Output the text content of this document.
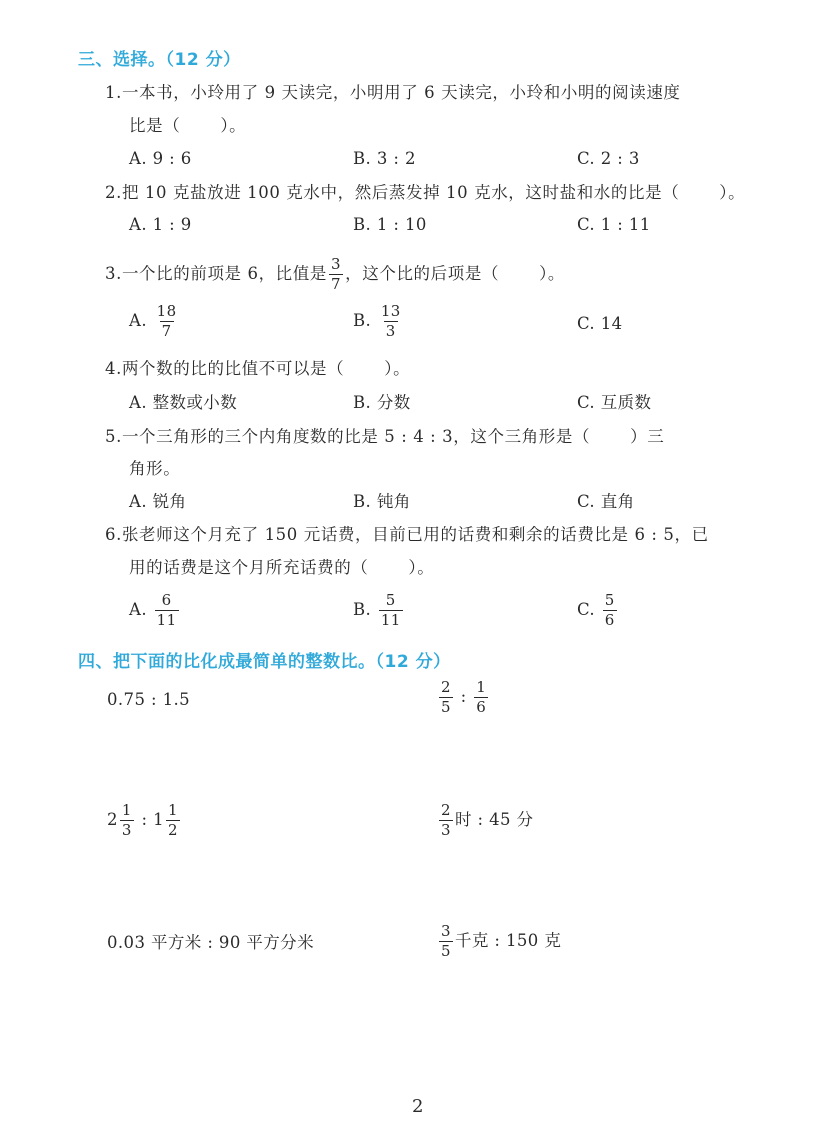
三、选择。（12 分）
1.一本书，小玲用了 9 天读完，小明用了 6 天读完，小玲和小明的阅读速度
比是（ ）。
A. 9 : 6	B. 3 : 2	C. 2 : 3
2.把 10 克盐放进 100 克水中，然后蒸发掉 10 克水，这时盐和水的比是（ ）。
A. 1 : 9	B. 1 : 10	C. 1 : 11
3.一个比的前项是 6，比值是 $\frac{3}{7}$ ，这个比的后项是（ ）。
A. $\frac{18}{7}$	B. $\frac{13}{3}$	C. 14
4.两个数的比的比值不可以是（ ）。
A. 整数或小数	B. 分数	C. 互质数
5.一个三角形的三个内角度数的比是 5 : 4 : 3，这个三角形是（ ）三
角形。
A. 锐角	B. 钝角	C. 直角
6.张老师这个月充了 150 元话费，目前已用的话费和剩余的话费比是 6 : 5，已
用的话费是这个月所充话费的（ ）。
A. $\frac{6}{11}$	B. $\frac{5}{11}$	C. $\frac{5}{6}$
四、把下面的比化成最简单的整数比。（12 分）
0.75 : 1.5	$\frac{2}{5}$ : $\frac{1}{6}$
$2 \frac{1}{3}$ : $1 \frac{1}{2}$	$\frac{2}{3}$ 时 : 45 分
0.03 平方米 : 90 平方分米	$\frac{3}{5}$ 千克 : 150 克
2
